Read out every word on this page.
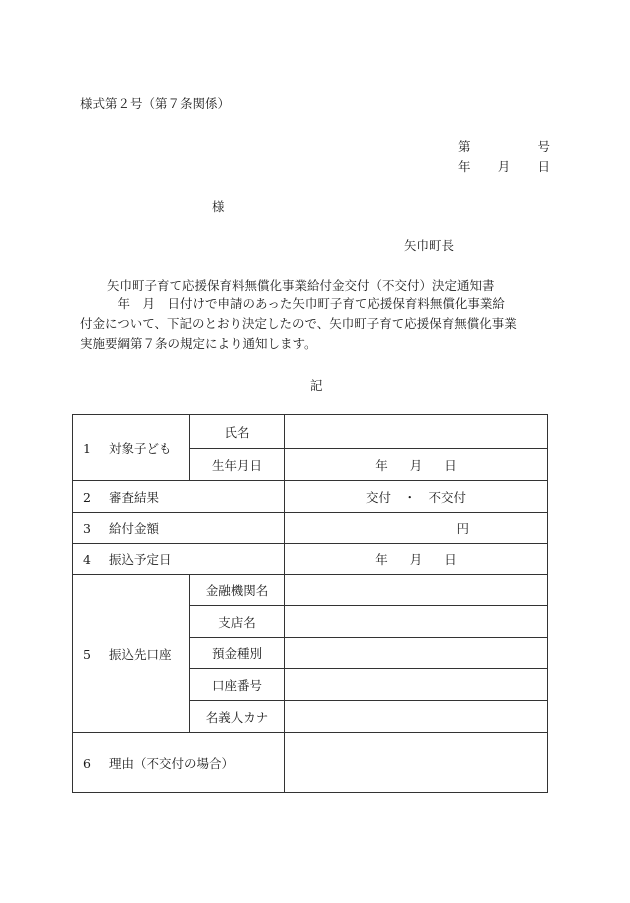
様式第２号（第７条関係）
第	号
年 月 日
様
矢巾町長
矢巾町子育て応援保育料無償化事業給付金交付（不交付）決定通知書

　　　年　月　日付けで申請のあった矢巾町子育て応援保育料無償化事業給

付金について、下記のとおり決定したので、矢巾町子育て応援保育無償化事業

実施要綱第７条の規定により通知します。

記
1 対象子ども	氏名	
	生年月日	年 月 日

2 審査結果		交付　・　不交付
3 給付金額		円
4 振込予定日		年 月 日

5 振込先口座	金融機関名	
	支店名	
	預金種別	
	口座番号	
	名義人カナ	
6 理由（不交付の場合）		
